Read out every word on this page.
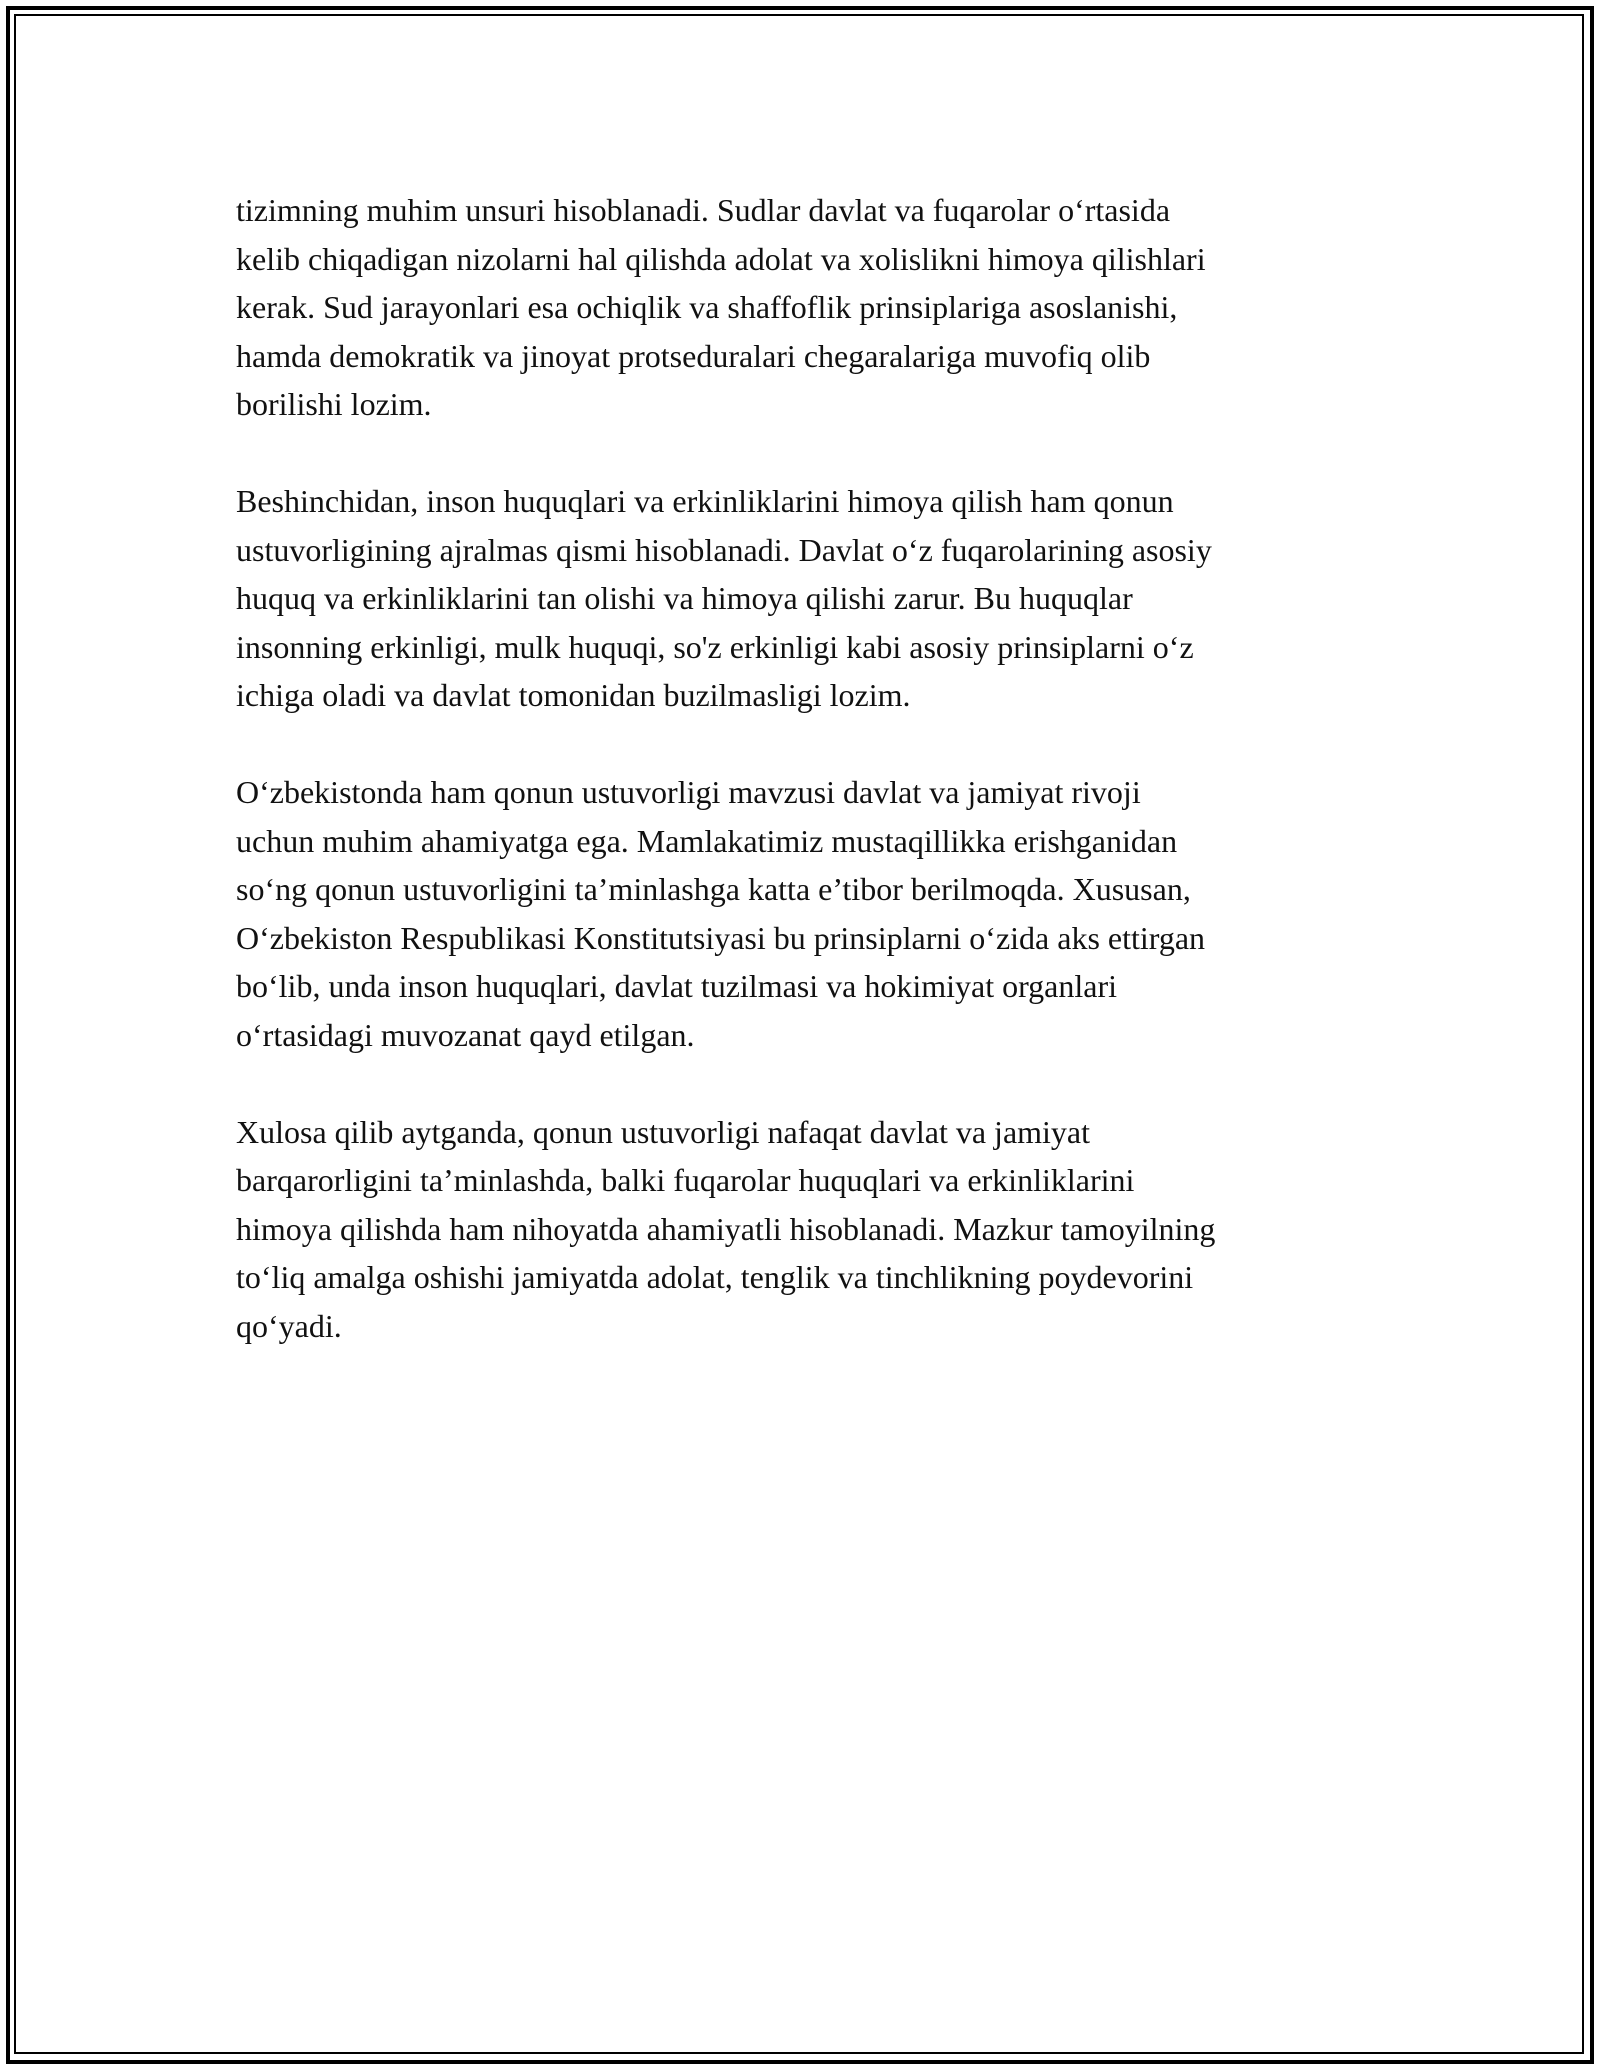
tizimning muhim unsuri hisoblanadi. Sudlar davlat va fuqarolar o‘rtasida
kelib chiqadigan nizolarni hal qilishda adolat va xolislikni himoya qilishlari
kerak. Sud jarayonlari esa ochiqlik va shaffoflik prinsiplariga asoslanishi,
hamda demokratik va jinoyat protseduralari chegaralariga muvofiq olib
borilishi lozim.

Beshinchidan, inson huquqlari va erkinliklarini himoya qilish ham qonun
ustuvorligining ajralmas qismi hisoblanadi. Davlat o‘z fuqarolarining asosiy
huquq va erkinliklarini tan olishi va himoya qilishi zarur. Bu huquqlar
insonning erkinligi, mulk huquqi, so'z erkinligi kabi asosiy prinsiplarni o‘z
ichiga oladi va davlat tomonidan buzilmasligi lozim.

O‘zbekistonda ham qonun ustuvorligi mavzusi davlat va jamiyat rivoji
uchun muhim ahamiyatga ega. Mamlakatimiz mustaqillikka erishganidan
so‘ng qonun ustuvorligini ta’minlashga katta e’tibor berilmoqda. Xususan,
O‘zbekiston Respublikasi Konstitutsiyasi bu prinsiplarni o‘zida aks ettirgan
bo‘lib, unda inson huquqlari, davlat tuzilmasi va hokimiyat organlari
o‘rtasidagi muvozanat qayd etilgan.

Xulosa qilib aytganda, qonun ustuvorligi nafaqat davlat va jamiyat
barqarorligini ta’minlashda, balki fuqarolar huquqlari va erkinliklarini
himoya qilishda ham nihoyatda ahamiyatli hisoblanadi. Mazkur tamoyilning
to‘liq amalga oshishi jamiyatda adolat, tenglik va tinchlikning poydevorini
qo‘yadi.
